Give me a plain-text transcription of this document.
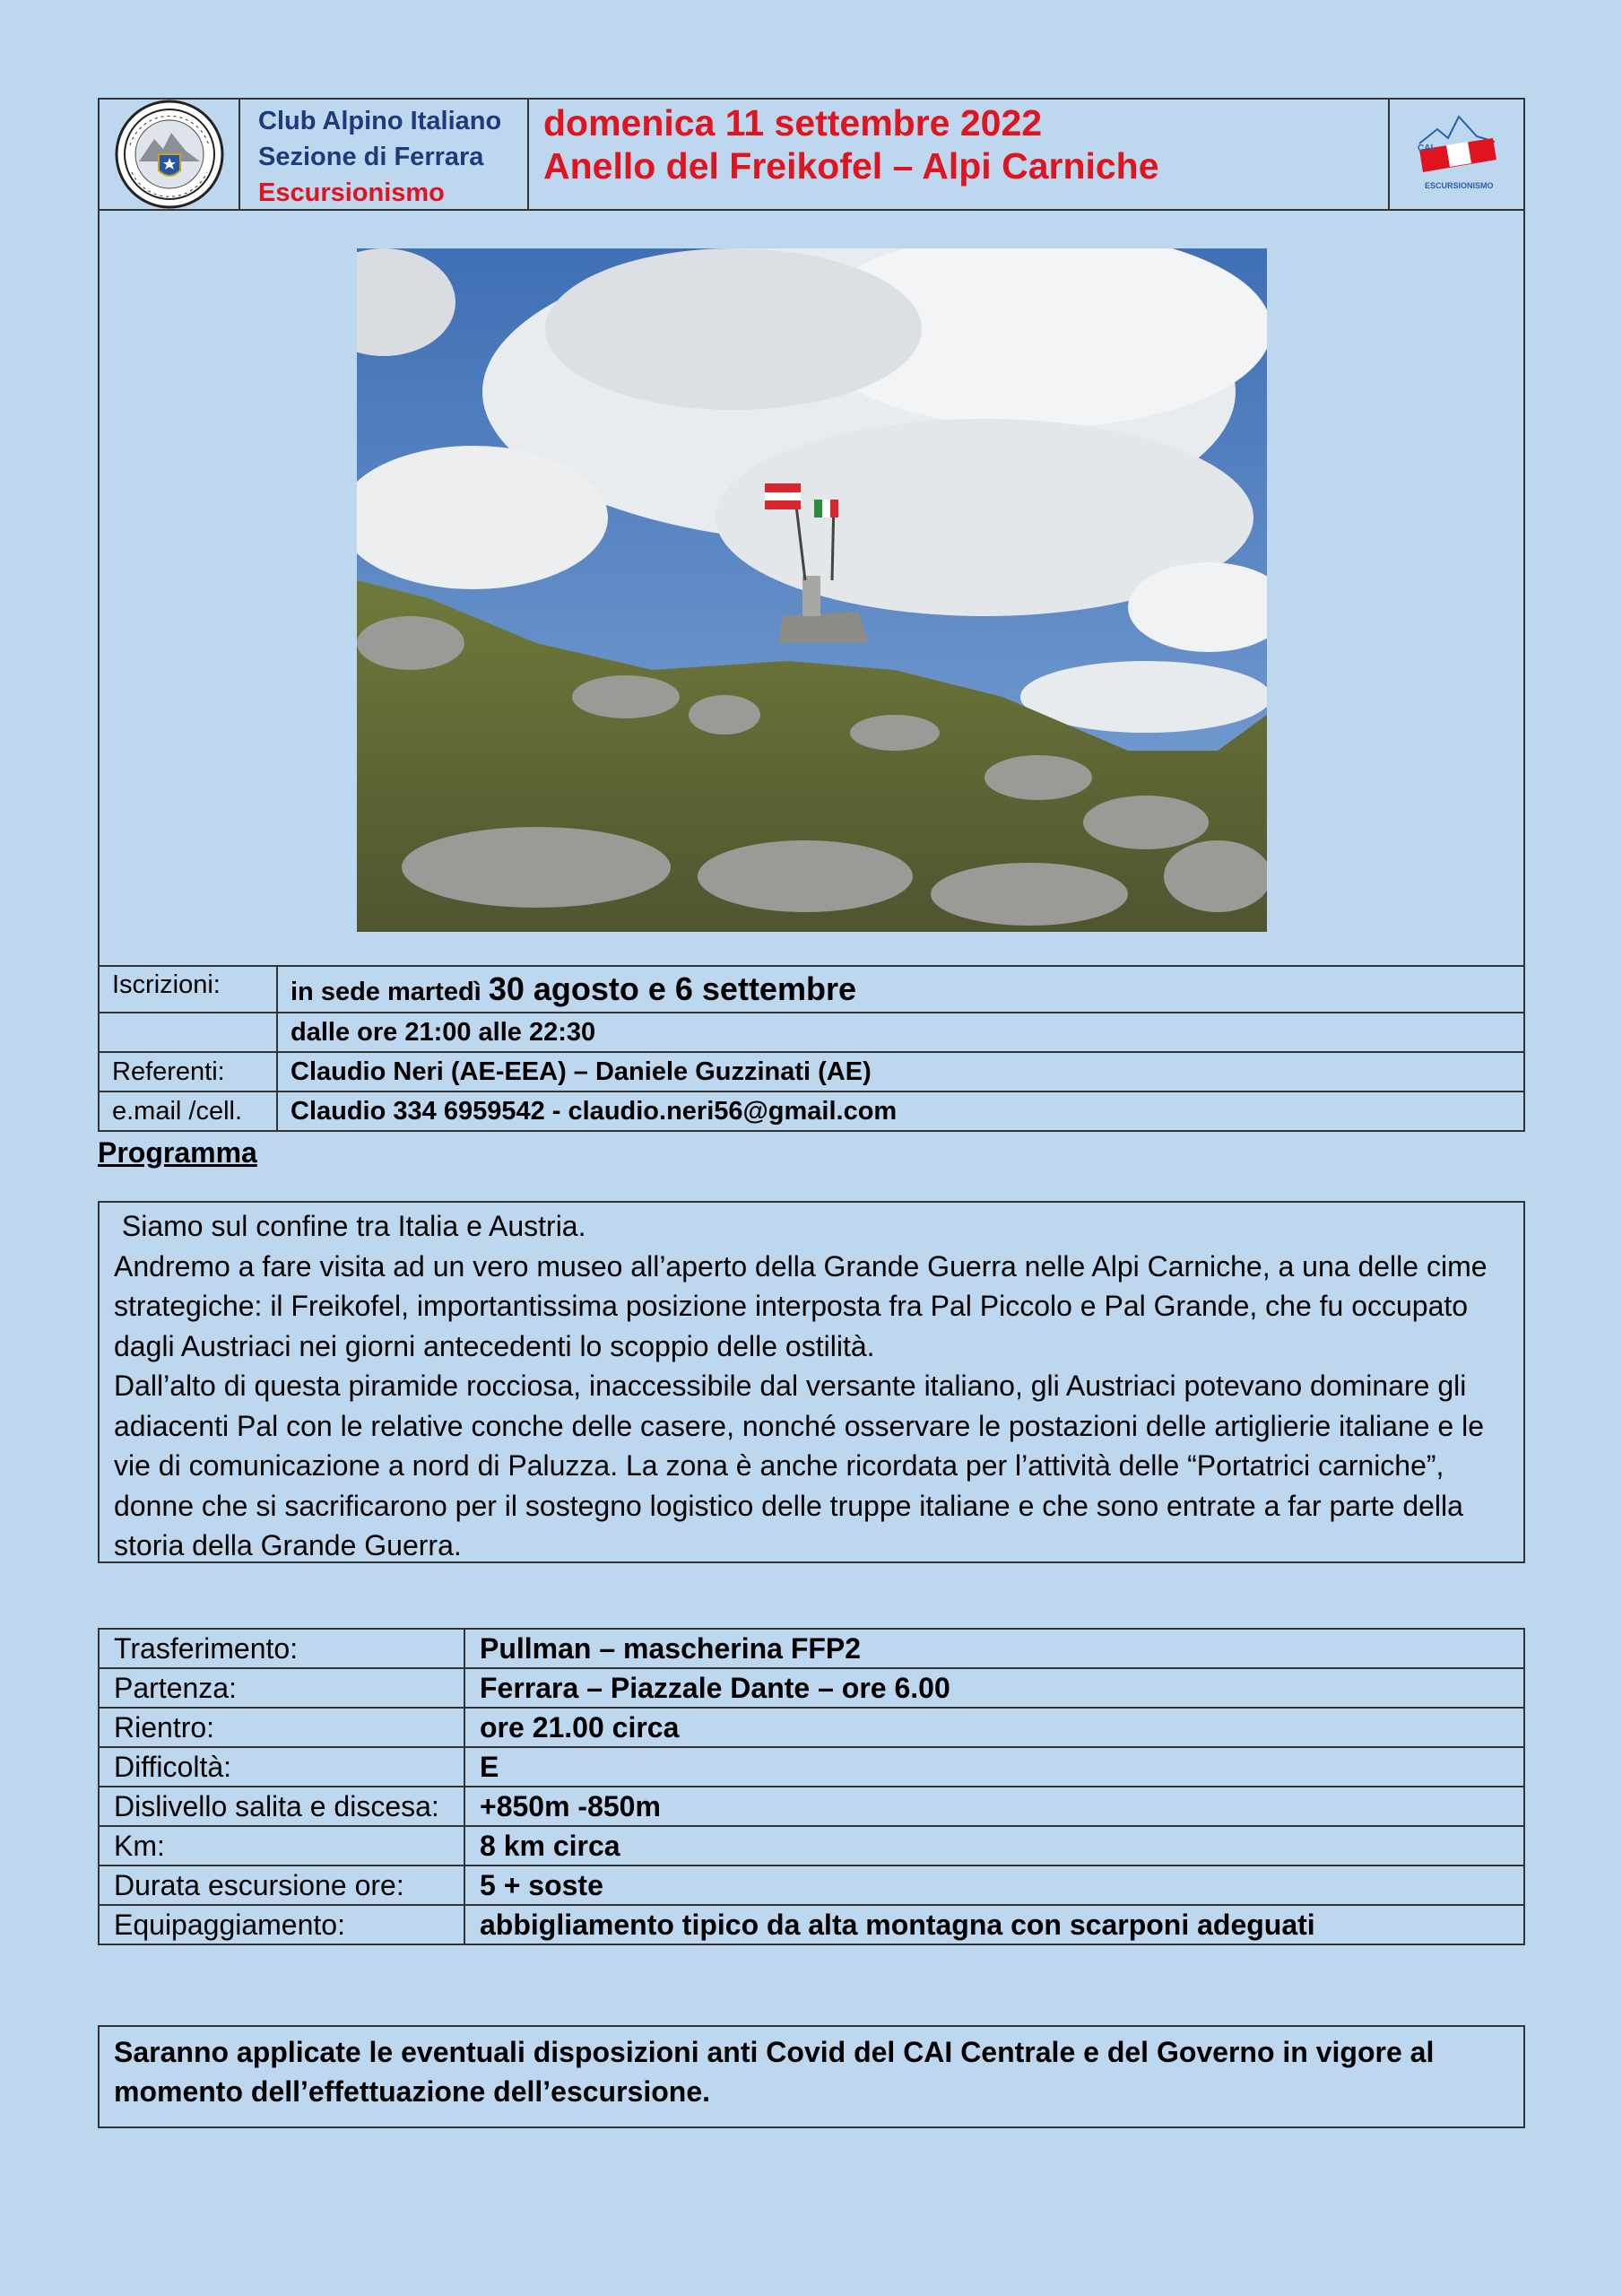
Club Alpino Italiano
Sezione di Ferrara
Escursionismo
domenica 11 settembre 2022
Anello del Freikofel – Alpi Carniche	CAI
ESCURSIONISMO
Iscrizioni:	in sede martedì 30 agosto e 6 settembre
	dalle ore 21:00 alle 22:30
Referenti:	Claudio Neri (AE-EEA) – Daniele Guzzinati (AE)
e.mail /cell.	Claudio 334 6959542 - claudio.neri56@gmail.com
Programma

Siamo sul confine tra Italia e Austria.

Andremo a fare visita ad un vero museo all’aperto della Grande Guerra nelle Alpi Carniche, a una delle cime strategiche: il Freikofel, importantissima posizione interposta fra Pal Piccolo e Pal Grande, che fu occupato dagli Austriaci nei giorni antecedenti lo scoppio delle ostilità.

Dall’alto di questa piramide rocciosa, inaccessibile dal versante italiano, gli Austriaci potevano dominare gli adiacenti Pal con le relative conche delle casere, nonché osservare le postazioni delle artiglierie italiane e le vie di comunicazione a nord di Paluzza. La zona è anche ricordata per l’attività delle “Portatrici carniche”, donne che si sacrificarono per il sostegno logistico delle truppe italiane e che sono entrate a far parte della storia della Grande Guerra.

Trasferimento:	Pullman – mascherina FFP2
Partenza:	Ferrara – Piazzale Dante – ore 6.00
Rientro:	ore 21.00 circa
Difficoltà:	E
Dislivello salita e discesa:	+850m -850m
Km:	8 km circa
Durata escursione ore:	5 + soste
Equipaggiamento:	abbigliamento tipico da alta montagna con scarponi adeguati
Saranno applicate le eventuali disposizioni anti Covid del CAI Centrale e del Governo in vigore al momento dell’effettuazione dell’escursione.
